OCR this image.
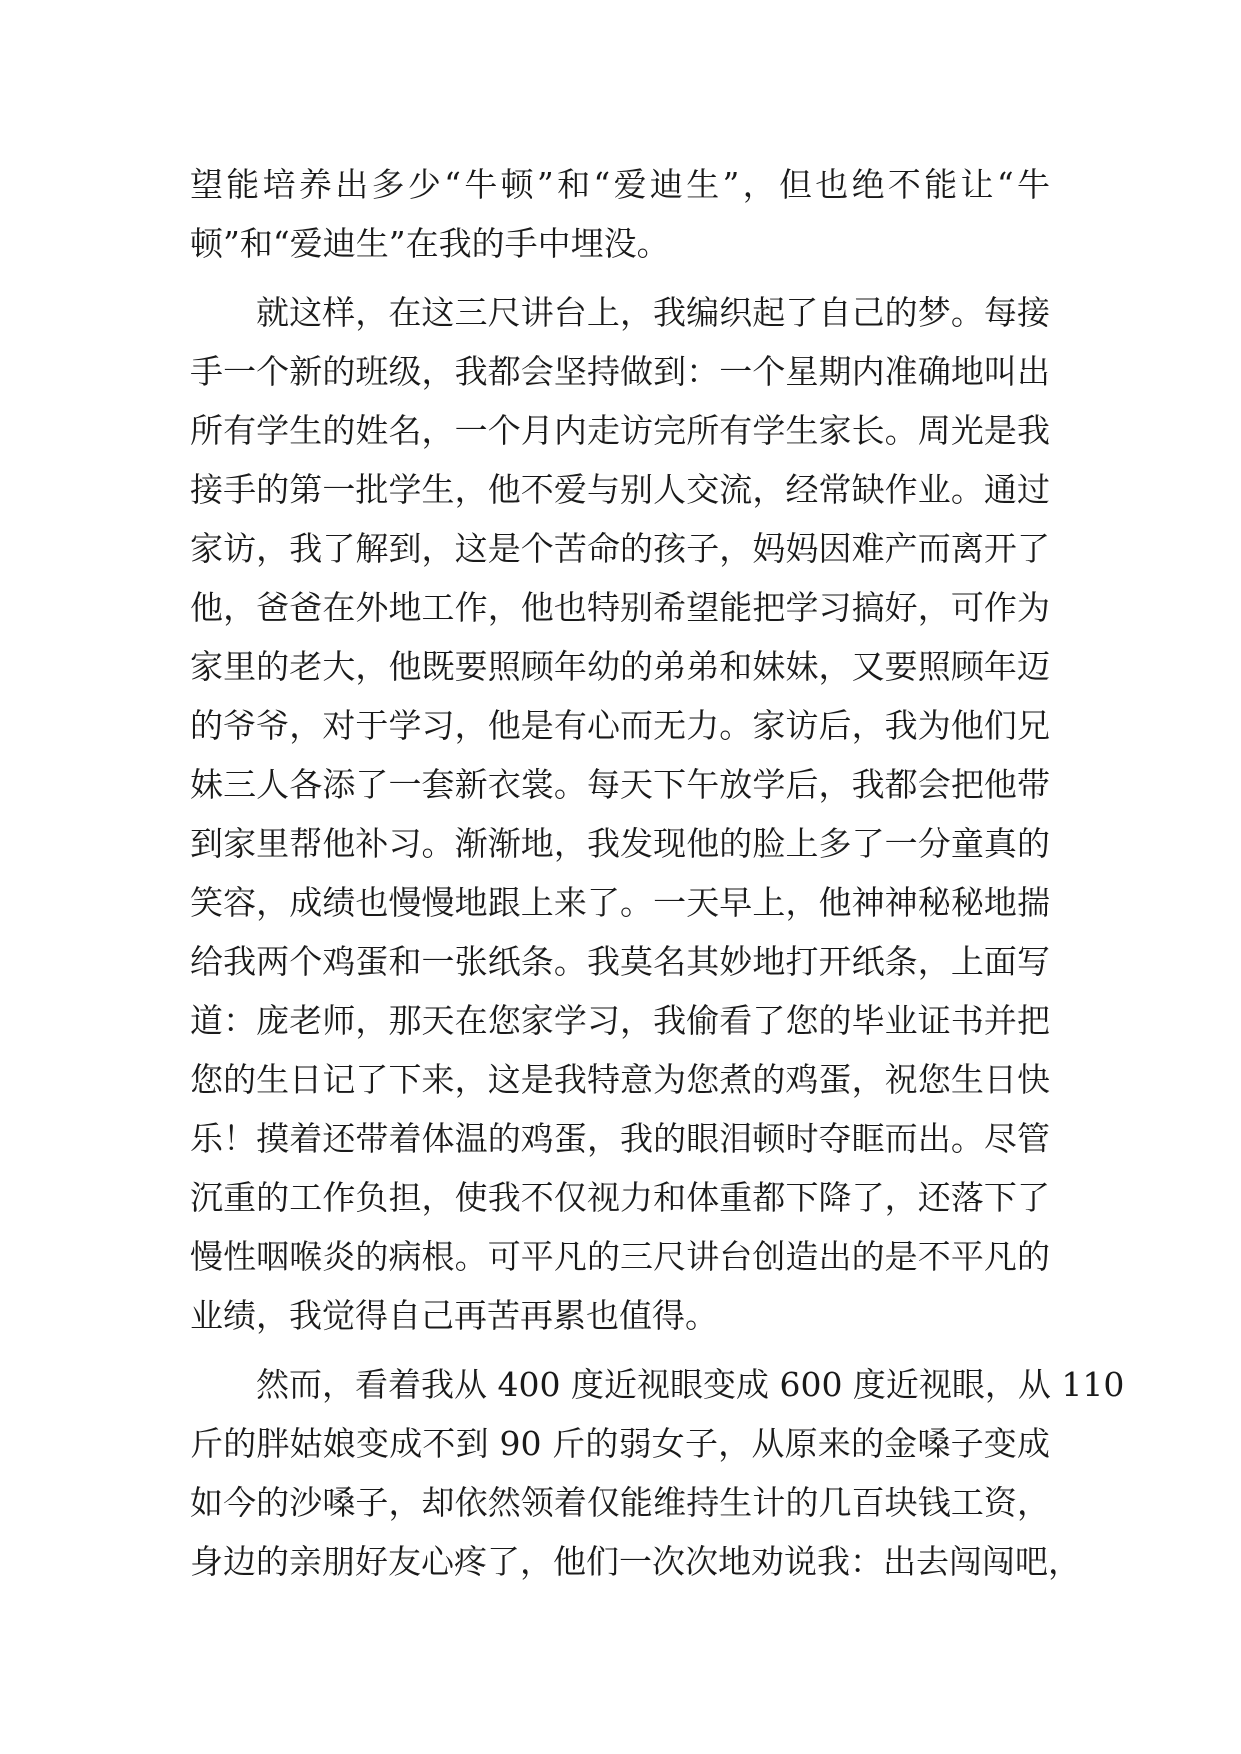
望能培养出多少“牛顿”和“爱迪生”，但也绝不能让“牛
顿”和“爱迪生”在我的手中埋没。
就这样，在这三尺讲台上，我编织起了自己的梦。每接
手一个新的班级，我都会坚持做到：一个星期内准确地叫出
所有学生的姓名，一个月内走访完所有学生家长。周光是我
接手的第一批学生，他不爱与别人交流，经常缺作业。通过
家访，我了解到，这是个苦命的孩子，妈妈因难产而离开了
他，爸爸在外地工作，他也特别希望能把学习搞好，可作为
家里的老大，他既要照顾年幼的弟弟和妹妹，又要照顾年迈
的爷爷，对于学习，他是有心而无力。家访后，我为他们兄
妹三人各添了一套新衣裳。每天下午放学后，我都会把他带
到家里帮他补习。渐渐地，我发现他的脸上多了一分童真的
笑容，成绩也慢慢地跟上来了。一天早上，他神神秘秘地揣
给我两个鸡蛋和一张纸条。我莫名其妙地打开纸条，上面写
道：庞老师，那天在您家学习，我偷看了您的毕业证书并把
您的生日记了下来，这是我特意为您煮的鸡蛋，祝您生日快
乐！摸着还带着体温的鸡蛋，我的眼泪顿时夺眶而出。尽管
沉重的工作负担，使我不仅视力和体重都下降了，还落下了
慢性咽喉炎的病根。可平凡的三尺讲台创造出的是不平凡的
业绩，我觉得自己再苦再累也值得。
然而，看着我从 400 度近视眼变成 600 度近视眼，从 110
斤的胖姑娘变成不到 90 斤的弱女子，从原来的金嗓子变成
如今的沙嗓子，却依然领着仅能维持生计的几百块钱工资，
身边的亲朋好友心疼了，他们一次次地劝说我：出去闯闯吧，
